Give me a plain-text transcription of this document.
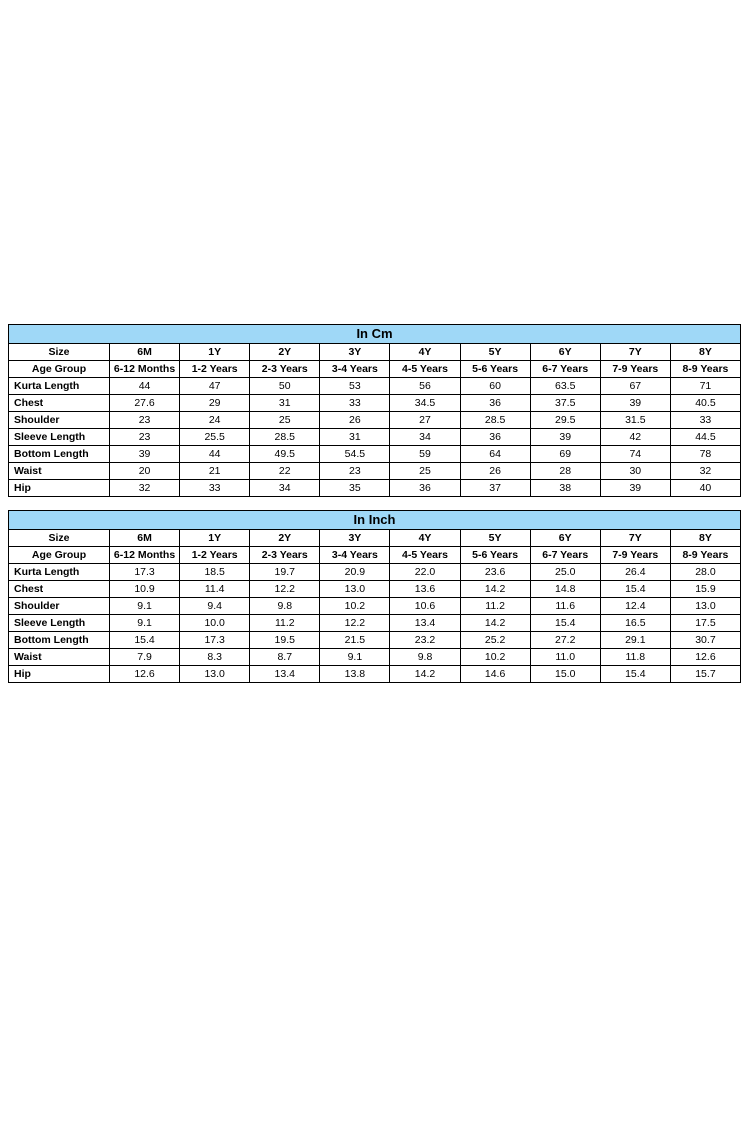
In Cm									
Size	6M	1Y	2Y	3Y	4Y	5Y	6Y	7Y	8Y
Age Group	6-12 Months	1-2 Years	2-3 Years	3-4 Years	4-5 Years	5-6 Years	6-7 Years	7-9 Years	8-9 Years
Kurta Length	44	47	50	53	56	60	63.5	67	71
Chest	27.6	29	31	33	34.5	36	37.5	39	40.5
Shoulder	23	24	25	26	27	28.5	29.5	31.5	33
Sleeve Length	23	25.5	28.5	31	34	36	39	42	44.5
Bottom Length	39	44	49.5	54.5	59	64	69	74	78
Waist	20	21	22	23	25	26	28	30	32
Hip	32	33	34	35	36	37	38	39	40
In Inch									
Size	6M	1Y	2Y	3Y	4Y	5Y	6Y	7Y	8Y
Age Group	6-12 Months	1-2 Years	2-3 Years	3-4 Years	4-5 Years	5-6 Years	6-7 Years	7-9 Years	8-9 Years
Kurta Length	17.3	18.5	19.7	20.9	22.0	23.6	25.0	26.4	28.0
Chest	10.9	11.4	12.2	13.0	13.6	14.2	14.8	15.4	15.9
Shoulder	9.1	9.4	9.8	10.2	10.6	11.2	11.6	12.4	13.0
Sleeve Length	9.1	10.0	11.2	12.2	13.4	14.2	15.4	16.5	17.5
Bottom Length	15.4	17.3	19.5	21.5	23.2	25.2	27.2	29.1	30.7
Waist	7.9	8.3	8.7	9.1	9.8	10.2	11.0	11.8	12.6
Hip	12.6	13.0	13.4	13.8	14.2	14.6	15.0	15.4	15.7
